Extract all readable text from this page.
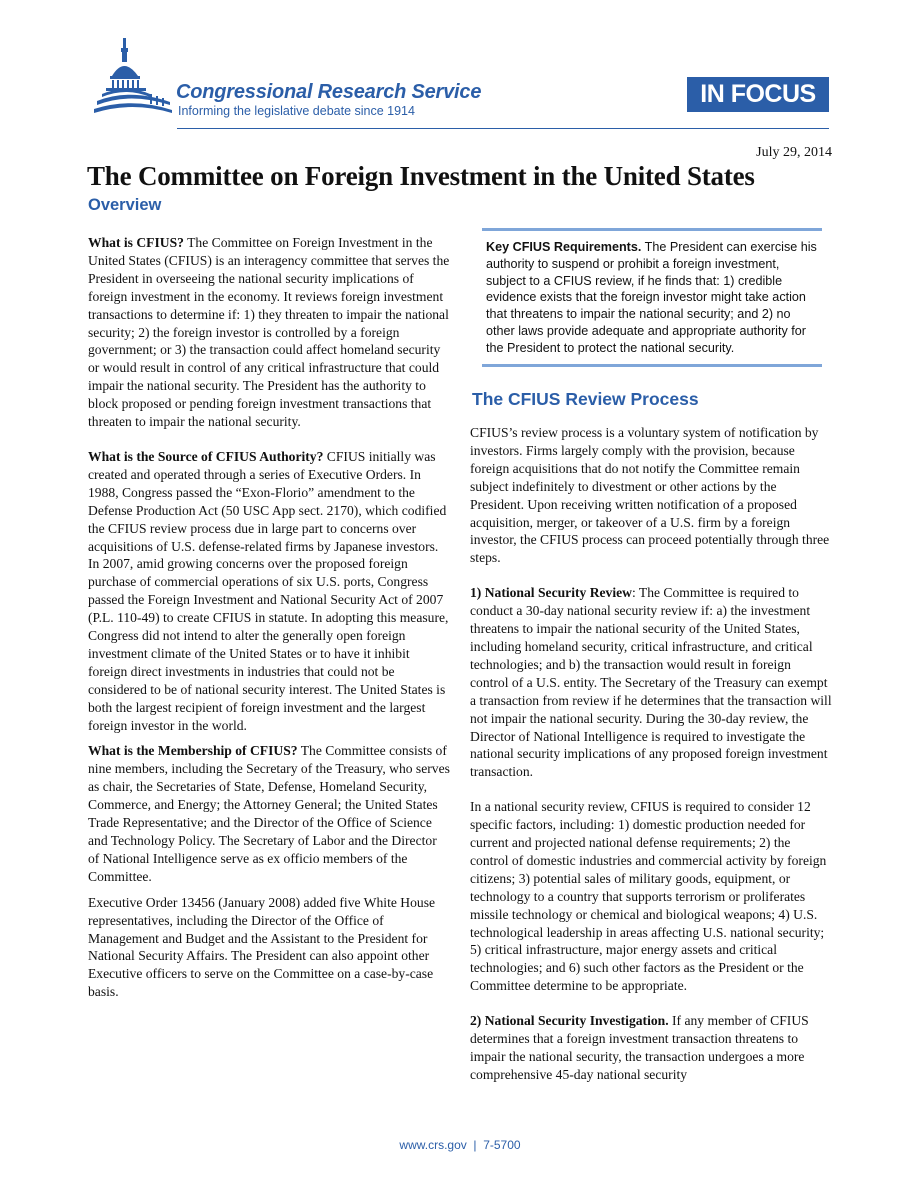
Congressional Research Service
Informing the legislative debate since 1914
IN FOCUS
July 29, 2014
The Committee on Foreign Investment in the United States
Overview

What is CFIUS? The Committee on Foreign Investment in the United States (CFIUS) is an interagency committee that serves the President in overseeing the national security implications of foreign investment in the economy. It reviews foreign investment transactions to determine if: 1) they threaten to impair the national security; 2) the foreign investor is controlled by a foreign government; or 3) the transaction could affect homeland security or would result in control of any critical infrastructure that could impair the national security. The President has the authority to block proposed or pending foreign investment transactions that threaten to impair the national security.

What is the Source of CFIUS Authority? CFIUS initially was created and operated through a series of Executive Orders. In 1988, Congress passed the “Exon-Florio” amendment to the Defense Production Act (50 USC App sect. 2170), which codified the CFIUS review process due in large part to concerns over acquisitions of U.S. defense-related firms by Japanese investors. In 2007, amid growing concerns over the proposed foreign purchase of commercial operations of six U.S. ports, Congress passed the Foreign Investment and National Security Act of 2007 (P.L. 110-49) to create CFIUS in statute. In adopting this measure, Congress did not intend to alter the generally open foreign investment climate of the United States or to have it inhibit foreign direct investments in industries that could not be considered to be of national security interest. The United States is both the largest recipient of foreign investment and the largest foreign investor in the world.

What is the Membership of CFIUS? The Committee consists of nine members, including the Secretary of the Treasury, who serves as chair, the Secretaries of State, Defense, Homeland Security, Commerce, and Energy; the Attorney General; the United States Trade Representative; and the Director of the Office of Science and Technology Policy. The Secretary of Labor and the Director of National Intelligence serve as ex officio members of the Committee.

Executive Order 13456 (January 2008) added five White House representatives, including the Director of the Office of Management and Budget and the Assistant to the President for National Security Affairs. The President can also appoint other Executive officers to serve on the Committee on a case-by-case basis.

Key CFIUS Requirements. The President can exercise his authority to suspend or prohibit a foreign investment, subject to a CFIUS review, if he finds that: 1) credible evidence exists that the foreign investor might take action that threatens to impair the national security; and 2) no other laws provide adequate and appropriate authority for the President to protect the national security.
The CFIUS Review Process

CFIUS’s review process is a voluntary system of notification by investors. Firms largely comply with the provision, because foreign acquisitions that do not notify the Committee remain subject indefinitely to divestment or other actions by the President. Upon receiving written notification of a proposed acquisition, merger, or takeover of a U.S. firm by a foreign investor, the CFIUS process can proceed potentially through three steps.

1) National Security Review: The Committee is required to conduct a 30-day national security review if: a) the investment threatens to impair the national security of the United States, including homeland security, critical infrastructure, and critical technologies; and b) the transaction would result in foreign control of a U.S. entity. The Secretary of the Treasury can exempt a transaction from review if he determines that the transaction will not impair the national security. During the 30-day review, the Director of National Intelligence is required to investigate the national security implications of any proposed foreign investment transaction.

In a national security review, CFIUS is required to consider 12 specific factors, including: 1) domestic production needed for current and projected national defense requirements; 2) the control of domestic industries and commercial activity by foreign citizens; 3) potential sales of military goods, equipment, or technology to a country that supports terrorism or proliferates missile technology or chemical and biological weapons; 4) U.S. technological leadership in areas affecting U.S. national security; 5) critical infrastructure, major energy assets and critical technologies; and 6) such other factors as the President or the Committee determine to be appropriate.

2) National Security Investigation. If any member of CFIUS determines that a foreign investment transaction threatens to impair the national security, the transaction undergoes a more comprehensive 45-day national security

www.crs.gov  |  7-5700
